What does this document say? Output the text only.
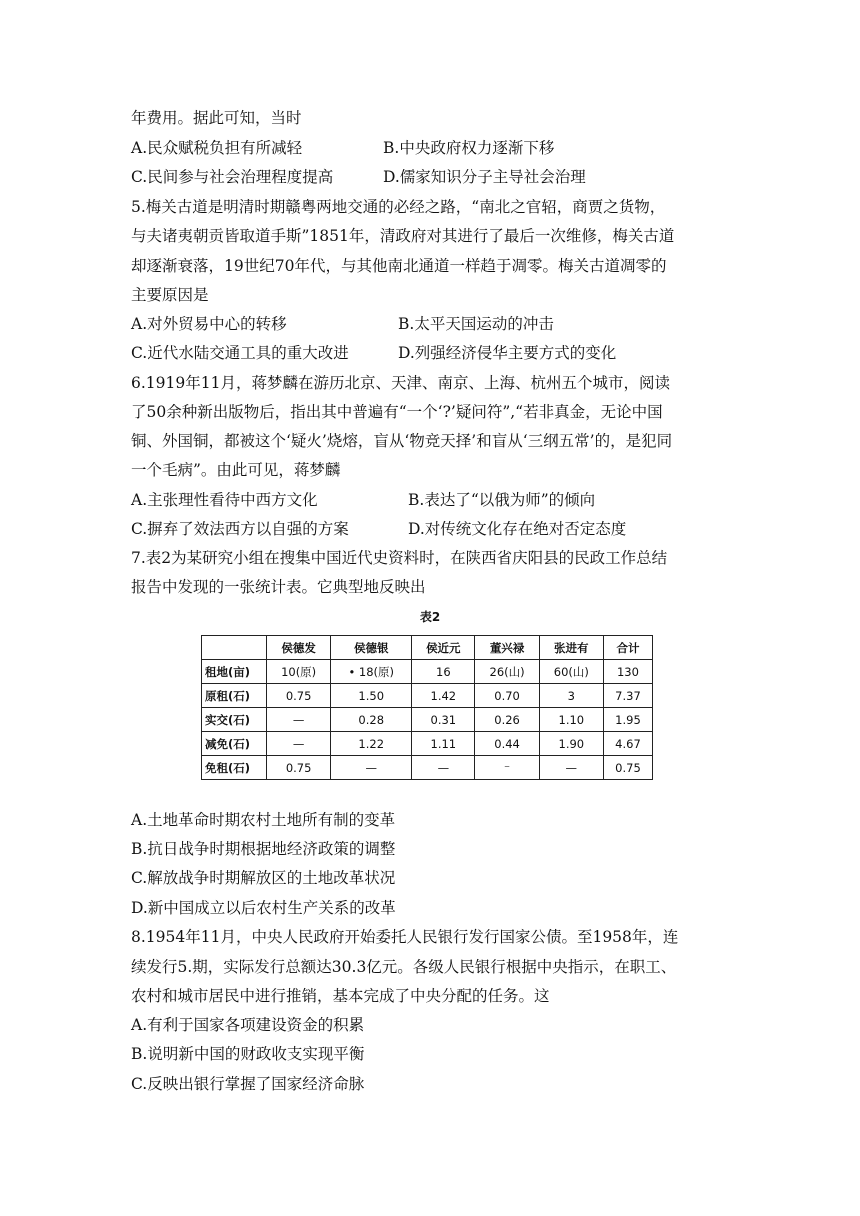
年费用。据此可知，当时
A.民众赋税负担有所减轻	B.中央政府权力逐渐下移
C.民间参与社会治理程度提高	D.儒家知识分子主导社会治理
5.梅关古道是明清时期赣粤两地交通的必经之路，“南北之官轺，商贾之货物，
与夫诸夷朝贡皆取道手斯”1851年，清政府对其进行了最后一次维修，梅关古道
却逐渐衰落，19世纪70年代，与其他南北通道一样趋于凋零。梅关古道凋零的
主要原因是
A.对外贸易中心的转移	B.太平天国运动的冲击
C.近代水陆交通工具的重大改进	D.列强经济侵华主要方式的变化
6.1919年11月，蒋梦麟在游历北京、天津、南京、上海、杭州五个城市，阅读
了50余种新出版物后，指出其中普遍有“一个‘?’疑问符”,“若非真金，无论中国
铜、外国铜，都被这个‘疑火’烧熔，盲从‘物竞天择’和盲从‘三纲五常’的，是犯同
一个毛病”。由此可见，蒋梦麟
A.主张理性看待中西方文化	B.表达了“以俄为师”的倾向
C.摒弃了效法西方以自强的方案	D.对传统文化存在绝对否定态度
7.表2为某研究小组在搜集中国近代史资料时，在陕西省庆阳县的民政工作总结
报告中发现的一张统计表。它典型地反映出
表2
	侯德发	侯德银	侯近元	董兴禄	张进有	合计
租地(亩)	10(原)	• 18(原)	16	26(山)	60(山)	130
原租(石)	0.75	1.50	1.42	0.70	3	7.37
实交(石)	—	0.28	0.31	0.26	1.10	1.95
减免(石)	—	1.22	1.11	0.44	1.90	4.67
免租(石)	0.75	—	—	⁻	—	0.75
A.土地革命时期农村土地所有制的变革
B.抗日战争时期根据地经济政策的调整
C.解放战争时期解放区的土地改革状况
D.新中国成立以后农村生产关系的改革
8.1954年11月，中央人民政府开始委托人民银行发行国家公债。至1958年，连
续发行5.期，实际发行总额达30.3亿元。各级人民银行根据中央指示，在职工、
农村和城市居民中进行推销，基本完成了中央分配的任务。这
A.有利于国家各项建设资金的积累
B.说明新中国的财政收支实现平衡
C.反映出银行掌握了国家经济命脉
